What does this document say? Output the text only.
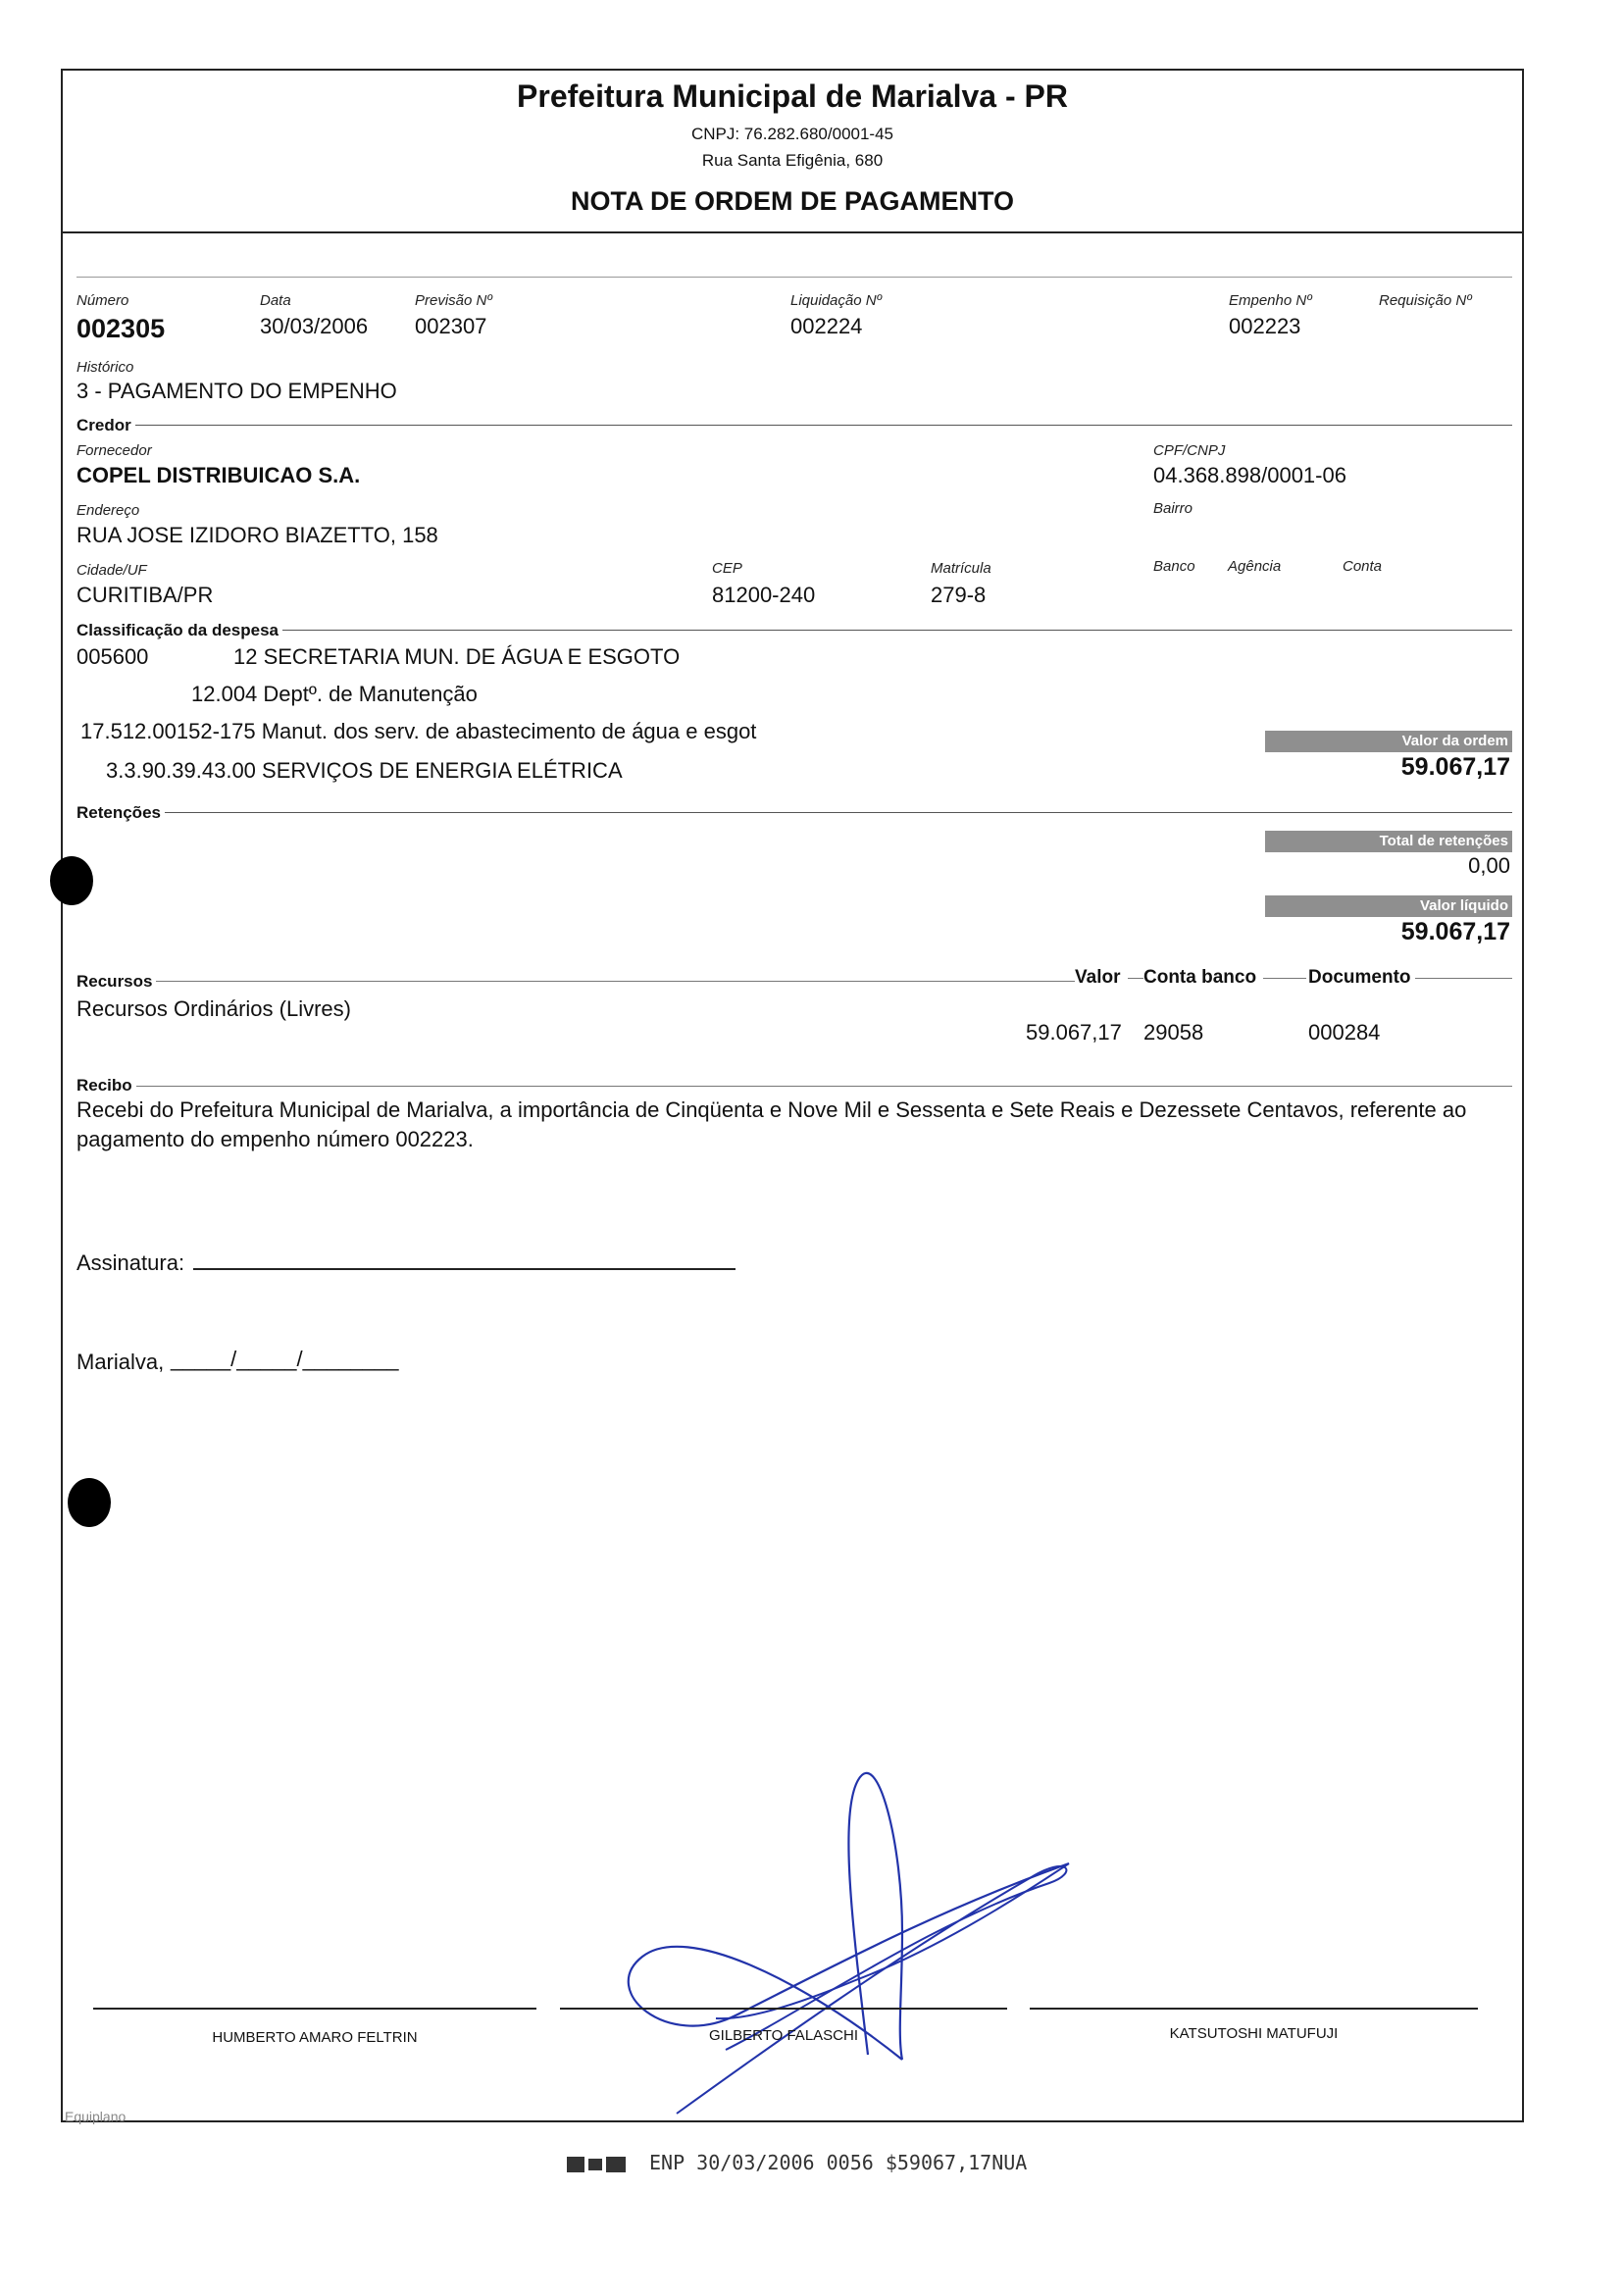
Prefeitura Municipal de Marialva - PR
CNPJ: 76.282.680/0001-45
Rua Santa Efigênia, 680
NOTA DE ORDEM DE PAGAMENTO
Número
002305
Data
30/03/2006
Previsão Nº
002307
Liquidação Nº
002224
Empenho Nº
002223
Requisição Nº
Histórico
3 - PAGAMENTO DO EMPENHO
Credor
Fornecedor
COPEL DISTRIBUICAO S.A.
CPF/CNPJ
04.368.898/0001-06
Endereço
RUA JOSE IZIDORO BIAZETTO, 158
Bairro
Cidade/UF
CURITIBA/PR
CEP
81200-240
Matrícula
279-8
Banco Agência	Conta
Classificação da despesa
005600	12 SECRETARIA MUN. DE ÁGUA E ESGOTO
12.004 Deptº. de Manutenção
17.512.00152-175 Manut. dos serv. de abastecimento de água e esgot
3.3.90.39.43.00 SERVIÇOS DE ENERGIA ELÉTRICA
Valor da ordem
59.067,17
Retenções
Total de retenções
0,00
Valor líquido
59.067,17
Recursos	Valor Conta banco	Documento
Recursos Ordinários (Livres)
59.067,17 29058	000284
Recibo
Recebi do Prefeitura Municipal de Marialva, a importância de Cinqüenta e Nove Mil e Sessenta e Sete Reais e Dezessete Centavos, referente ao pagamento do empenho número 002223.
Assinatura:
Marialva, _____/_____/________
HUMBERTO AMARO FELTRIN	GILBERTO FALASCHI	KATSUTOSHI MATUFUJI
Equiplano
ENP 30/03/2006 0056 $59067,17NUA
